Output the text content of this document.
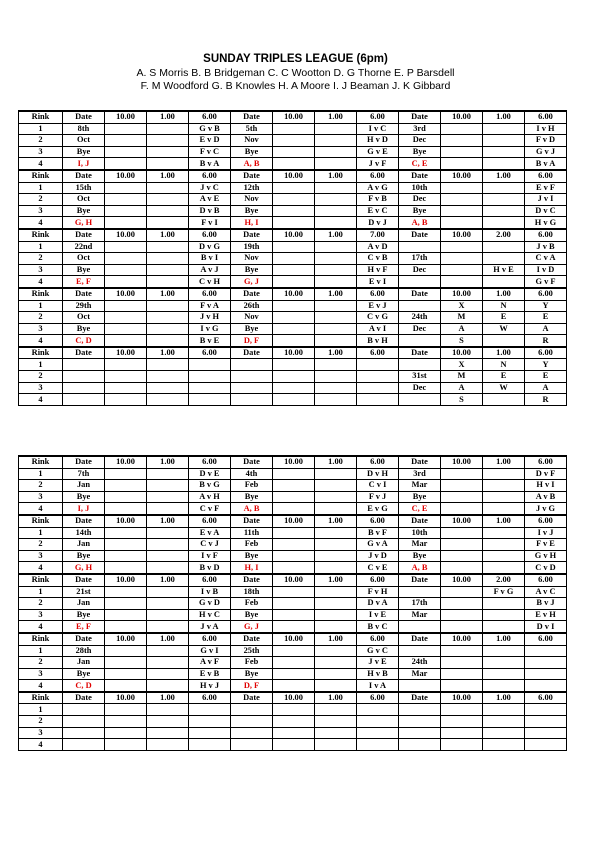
SUNDAY TRIPLES LEAGUE (6pm)
A. S Morris B. B Bridgeman C. C Wootton D. G Thorne E. P Barsdell
F. M Woodford G. B Knowles H. A Moore I. J Beaman J. K Gibbard
Rink	Date	10.00	1.00	6.00	Date	10.00	1.00	6.00	Date	10.00	1.00	6.00
1	8th			G v B	5th			I v C	3rd			I v H
2	Oct			E v D	Nov			H v D	Dec			F v D
3	Bye			F v C	Bye			G v E	Bye			G v J
4	I, J			B v A	A, B			J v F	C, E			B v A
Rink	Date	10.00	1.00	6.00	Date	10.00	1.00	6.00	Date	10.00	1.00	6.00
1	15th			J v C	12th			A v G	10th			E v F
2	Oct			A v E	Nov			F v B	Dec			J v I
3	Bye			D v B	Bye			E v C	Bye			D v C
4	G, H			F v I	H, I			D v J	A, B			H v G
Rink	Date	10.00	1.00	6.00	Date	10.00	1.00	7.00	Date	10.00	2.00	6.00
1	22nd			D v G	19th			A v D				J v B
2	Oct			B v I	Nov			C v B	17th			C v A
3	Bye			A v J	Bye			H v F	Dec		H v E	I v D
4	E, F			C v H	G, J			E v I				G v F
Rink	Date	10.00	1.00	6.00	Date	10.00	1.00	6.00	Date	10.00	1.00	6.00
1	29th			F v A	26th			E v J		X	N	Y
2	Oct			J v H	Nov			C v G	24th	M	E	E
3	Bye			I v G	Bye			A v I	Dec	A	W	A
4	C, D			B v E	D, F			B v H		S		R
Rink	Date	10.00	1.00	6.00	Date	10.00	1.00	6.00	Date	10.00	1.00	6.00
1										X	N	Y
2									31st	M	E	E
3									Dec	A	W	A
4										S		R
Rink	Date	10.00	1.00	6.00	Date	10.00	1.00	6.00	Date	10.00	1.00	6.00
1	7th			D v E	4th			D v H	3rd			D v F
2	Jan			B v G	Feb			C v I	Mar			H v I
3	Bye			A v H	Bye			F v J	Bye			A v B
4	I, J			C v F	A, B			E v G	C, E			J v G
Rink	Date	10.00	1.00	6.00	Date	10.00	1.00	6.00	Date	10.00	1.00	6.00
1	14th			E v A	11th			B v F	10th			I v J
2	Jan			C v J	Feb			G v A	Mar			F v E
3	Bye			I v F	Bye			J v D	Bye			G v H
4	G, H			B v D	H, I			C v E	A, B			C v D
Rink	Date	10.00	1.00	6.00	Date	10.00	1.00	6.00	Date	10.00	2.00	6.00
1	21st			I v B	18th			F v H			F v G	A v C
2	Jan			G v D	Feb			D v A	17th			B v J
3	Bye			H v C	Bye			I v E	Mar			E v H
4	E, F			J v A	G, J			B v C				D v I
Rink	Date	10.00	1.00	6.00	Date	10.00	1.00	6.00	Date	10.00	1.00	6.00
1	28th			G v I	25th			G v C				
2	Jan			A v F	Feb			J v E	24th			
3	Bye			E v B	Bye			H v B	Mar			
4	C, D			H v J	D, F			I v A				
Rink	Date	10.00	1.00	6.00	Date	10.00	1.00	6.00	Date	10.00	1.00	6.00
1												
2												
3												
4												
